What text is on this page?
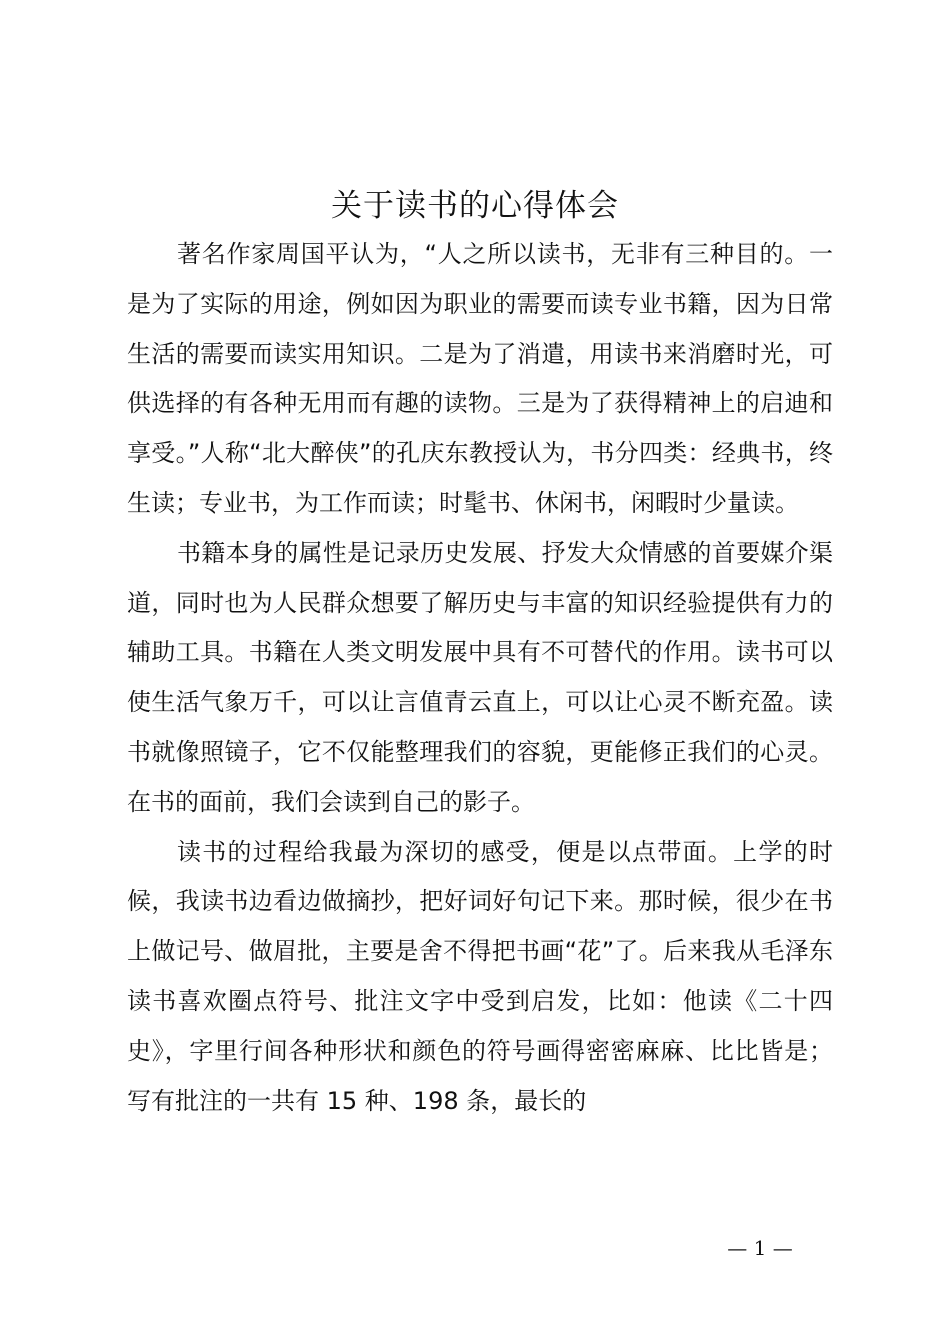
关于读书的心得体会

著名作家周国平认为，“人之所以读书，无非有三种目的。一是为了实际的用途，例如因为职业的需要而读专业书籍，因为日常生活的需要而读实用知识。二是为了消遣，用读书来消磨时光，可供选择的有各种无用而有趣的读物。三是为了获得精神上的启迪和享受。”人称“北大醉侠”的孔庆东教授认为，书分四类：经典书，终生读；专业书，为工作而读；时髦书、休闲书，闲暇时少量读。

书籍本身的属性是记录历史发展、抒发大众情感的首要媒介渠道，同时也为人民群众想要了解历史与丰富的知识经验提供有力的辅助工具。书籍在人类文明发展中具有不可替代的作用。读书可以使生活气象万千，可以让言值青云直上，可以让心灵不断充盈。读书就像照镜子，它不仅能整理我们的容貌，更能修正我们的心灵。在书的面前，我们会读到自己的影子。

读书的过程给我最为深切的感受，便是以点带面。上学的时候，我读书边看边做摘抄，把好词好句记下来。那时候，很少在书上做记号、做眉批，主要是舍不得把书画“花”了。后来我从毛泽东读书喜欢圈点符号、批注文字中受到启发，比如：他读《二十四史》，字里行间各种形状和颜色的符号画得密密麻麻、比比皆是；写有批注的一共有 15 种、198 条，最长的

— 1 —
